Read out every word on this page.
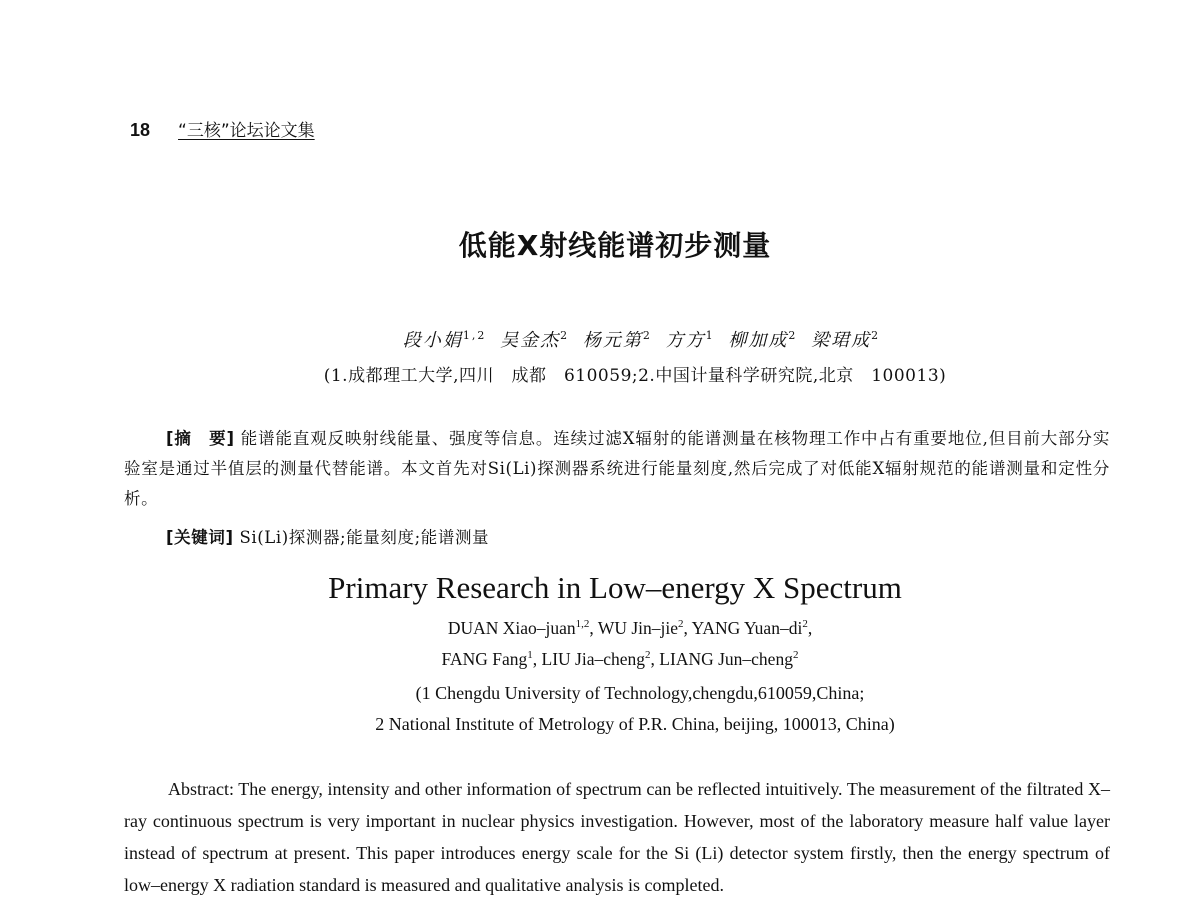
18 “三核”论坛论文集
低能X射线能谱初步测量
段小娟$^{1,2}$ 吴金杰$^2$ 杨元第$^2$ 方方$^1$ 柳加成$^2$ 梁珺成$^2$
(1.成都理工大学,四川　成都　610059;2.中国计量科学研究院,北京　100013)

[摘　要] 能谱能直观反映射线能量、强度等信息。连续过滤X辐射的能谱测量在核物理工作中占有重要地位,但目前大部分实验室是通过半值层的测量代替能谱。本文首先对Si(Li)探测器系统进行能量刻度,然后完成了对低能X辐射规范的能谱测量和定性分析。

[关键词] Si(Li)探测器;能量刻度;能谱测量
Primary Research in Low–energy X Spectrum
DUAN Xiao–juan$^{1,2}$, WU Jin–jie$^2$, YANG Yuan–$di^2$,
FANG Fang$^1$, LIU Jia–cheng$^2$, LIANG Jun–cheng$^2$
(1 Chengdu University of Technology,chengdu,610059,China;
2 National Institute of Metrology of P.R. China, beijing, 100013, China)

Abstract: The energy, intensity and other information of spectrum can be reflected intuitively. The measurement of the filtrated X–ray continuous spectrum is very important in nuclear physics investigation. However, most of the laboratory measure half value layer instead of spectrum at present. This paper introduces energy scale for the Si (Li) detector system firstly, then the energy spectrum of low–energy X radiation standard is measured and qualitative analysis is completed.
